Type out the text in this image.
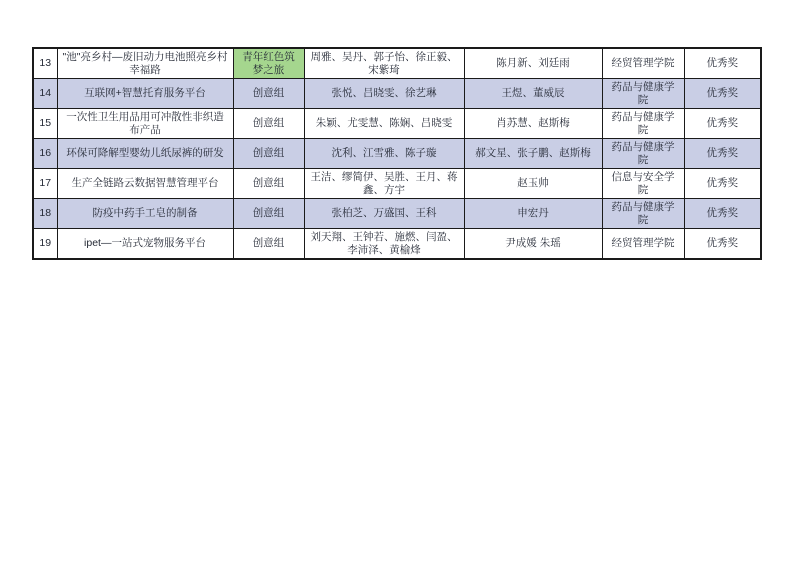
13	"池"亮乡村—废旧动力电池照亮乡村幸福路	青年红色筑梦之旅	周雅、吴丹、郭子怡、徐正毅、宋紫琦	陈月新、刘廷雨	经贸管理学院	优秀奖
14	互联网+智慧托育服务平台	创意组	张悦、吕晓雯、徐艺琳	王煜、董威辰	药品与健康学院	优秀奖
15	一次性卫生用品用可冲散性非织造布产品	创意组	朱颖、尤雯慧、陈娴、吕晓雯	肖苏慧、赵斯梅	药品与健康学院	优秀奖
16	环保可降解型婴幼儿纸尿裤的研发	创意组	沈利、江雪雅、陈子璇	郝文星、张子鹏、赵斯梅	药品与健康学院	优秀奖
17	生产全链路云数据智慧管理平台	创意组	王洁、缪简伊、吴胜、王月、蒋鑫、方宇	赵玉帅	信息与安全学院	优秀奖
18	防疫中药手工皂的制备	创意组	张柏芝、万盛国、王科	申宏丹	药品与健康学院	优秀奖
19	ipet—一站式宠物服务平台	创意组	刘天翔、王钟若、施燃、闫盈、李沛泽、黄榆烽	尹成媛 朱瑶	经贸管理学院	优秀奖
